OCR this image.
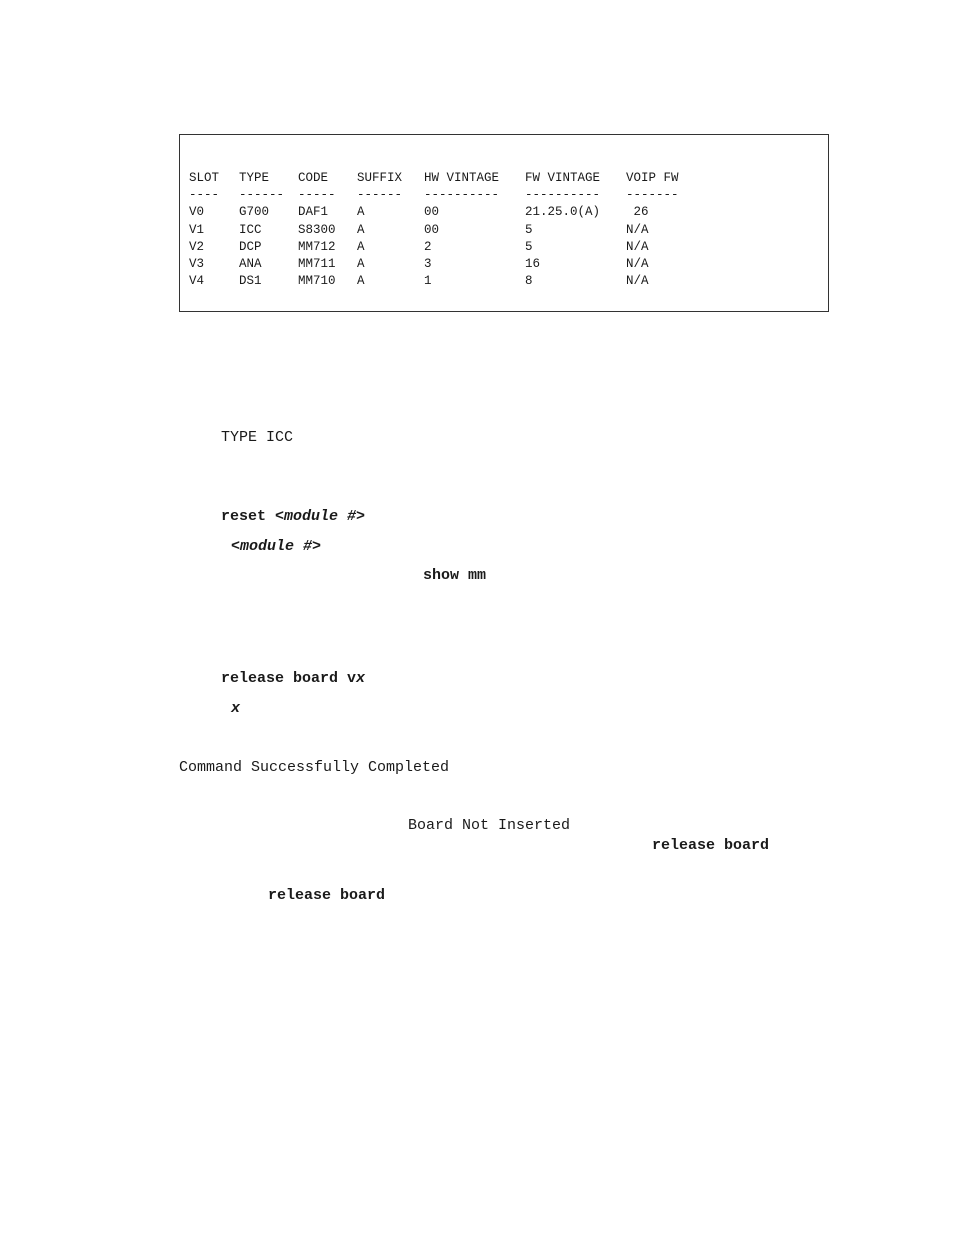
SLOT TYPE CODE SUFFIX HW VINTAGE FW VINTAGE VOIP FW
---- ------ ----- ------ ---------- ---------- -------
V0	G700 DAF1 A	00	21.25.0(A) 26
V1	ICC	S8300 A	00	5	N/A
V2	DCP	MM712 A	2	5	N/A
V3	ANA	MM711 A	3	16	N/A
V4	DS1	MM710 A	1	8	N/A
TYPE ICC
reset <module #>
<module #>
show mm
release board vx
x
Command Successfully Completed
Board Not Inserted
release board
release board
